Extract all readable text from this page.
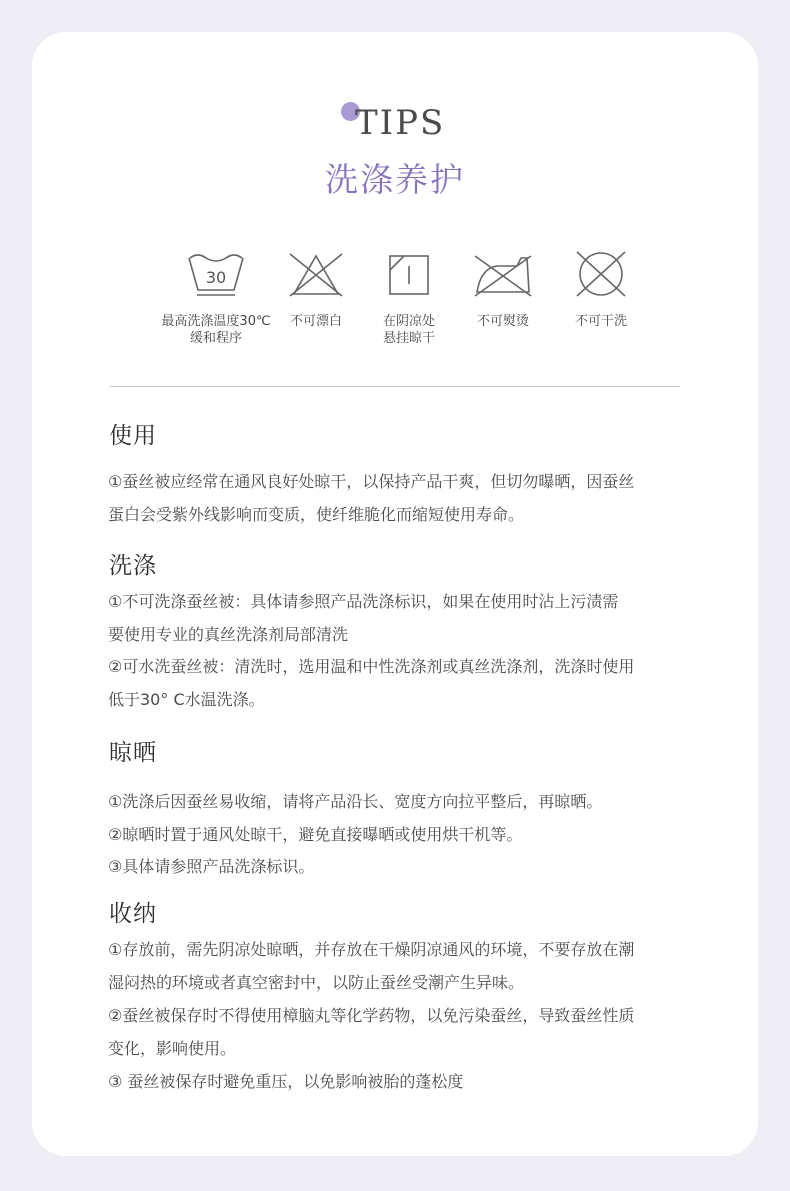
TIPS
洗涤养护
30
最高洗涤温度30℃
缓和程序
不可漂白	在阴凉处
悬挂晾干
不可熨烫	不可干洗
使用
①蚕丝被应经常在通风良好处晾干，以保持产品干爽，但切勿曝晒，因蚕丝
蛋白会受紫外线影响而变质，使纤维脆化而缩短使用寿命。
洗涤
①不可洗涤蚕丝被：具体请参照产品洗涤标识，如果在使用时沾上污渍需
要使用专业的真丝洗涤剂局部清洗
②可水洗蚕丝被：清洗时，选用温和中性洗涤剂或真丝洗涤剂，洗涤时使用
低于30° C水温洗涤。
晾晒
①洗涤后因蚕丝易收缩，请将产品沿长、宽度方向拉平整后，再晾晒。
②晾晒时置于通风处晾干，避免直接曝晒或使用烘干机等。
③具体请参照产品洗涤标识。
收纳
①存放前，需先阴凉处晾晒，并存放在干燥阴凉通风的环境，不要存放在潮
湿闷热的环境或者真空密封中，以防止蚕丝受潮产生异味。
②蚕丝被保存时不得使用樟脑丸等化学药物，以免污染蚕丝，导致蚕丝性质
变化，影响使用。
③ 蚕丝被保存时避免重压，以免影响被胎的蓬松度
